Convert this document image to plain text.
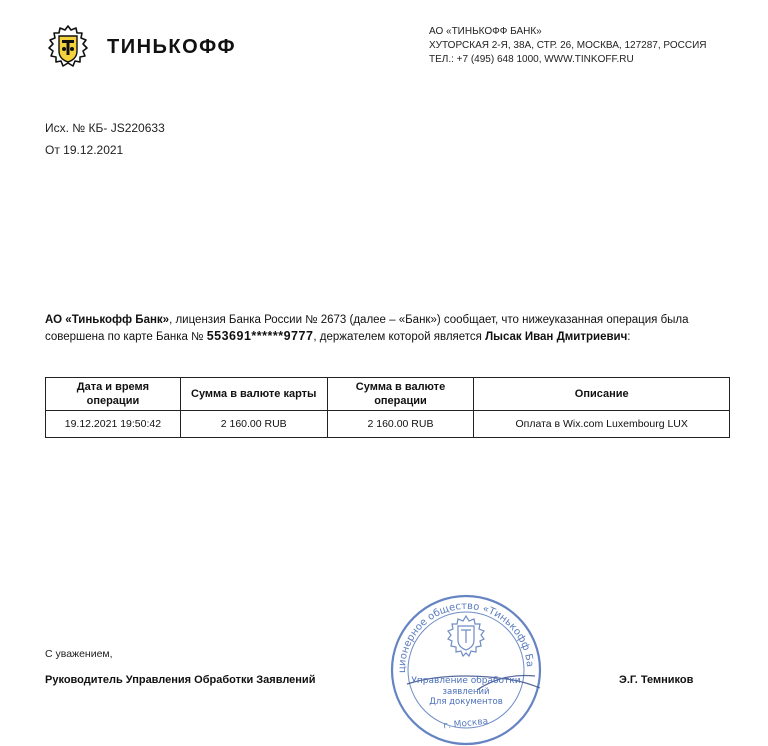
ТИНЬКОФФ
АО «ТИНЬКОФФ БАНК»
ХУТОРСКАЯ 2-Я, 38А, СТР. 26, МОСКВА, 127287, РОССИЯ
ТЕЛ.: +7 (495) 648 1000, WWW.TINKOFF.RU
Исх. № КБ- JS220633
От 19.12.2021
АО «Тинькофф Банк», лицензия Банка России № 2673 (далее – «Банк») сообщает, что нижеуказанная операция была совершена по карте Банка № 553691******9777, держателем которой является Лысак Иван Дмитриевич:
Дата и время операции	Сумма в валюте карты	Сумма в валюте операции	Описание
19.12.2021 19:50:42	2 160.00 RUB	2 160.00 RUB	Оплата в Wix.com Luxembourg LUX
С уважением,
Руководитель Управления Обработки Заявлений	Э.Г. Темников
ционерное общество «Тинькофф Ба
г. Москва
Управление обработки
заявлений
Для документов
